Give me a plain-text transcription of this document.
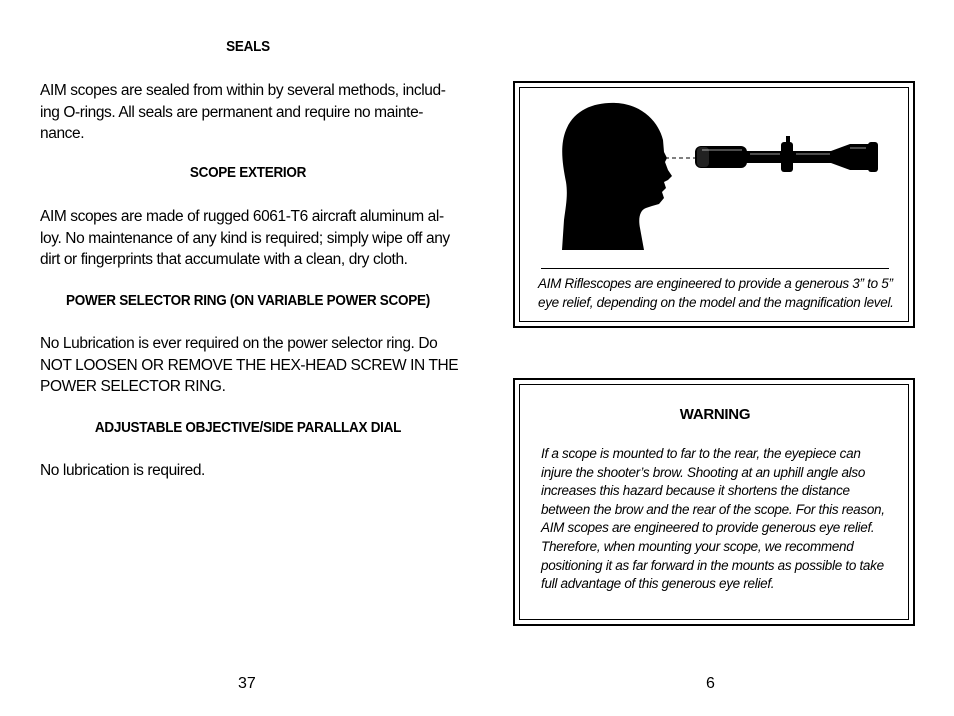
SEALS

AIM scopes are sealed from within by several methods, includ-
ing O-rings. All seals are permanent and require no mainte-
nance.

SCOPE EXTERIOR

AIM scopes are made of rugged 6061-T6 aircraft aluminum al-
loy. No maintenance of any kind is required; simply wipe off any
dirt or fingerprints that accumulate with a clean, dry cloth.

POWER SELECTOR RING (ON VARIABLE POWER SCOPE)

No Lubrication is ever required on the power selector ring. Do
NOT LOOSEN OR REMOVE THE HEX-HEAD SCREW IN THE
POWER SELECTOR RING.

ADJUSTABLE OBJECTIVE/SIDE PARALLAX DIAL

No lubrication is required.

37
AIM Riflescopes are engineered to provide a generous 3” to 5”
eye relief, depending on the model and the magnification level.
WARNING
If a scope is mounted to far to the rear, the eyepiece can
injure the shooter’s brow. Shooting at an uphill angle also
increases this hazard because it shortens the distance
between the brow and the rear of the scope. For this reason,
AIM scopes are engineered to provide generous eye relief.
Therefore, when mounting your scope, we recommend
positioning it as far forward in the mounts as possible to take
full advantage of this generous eye relief.
6
